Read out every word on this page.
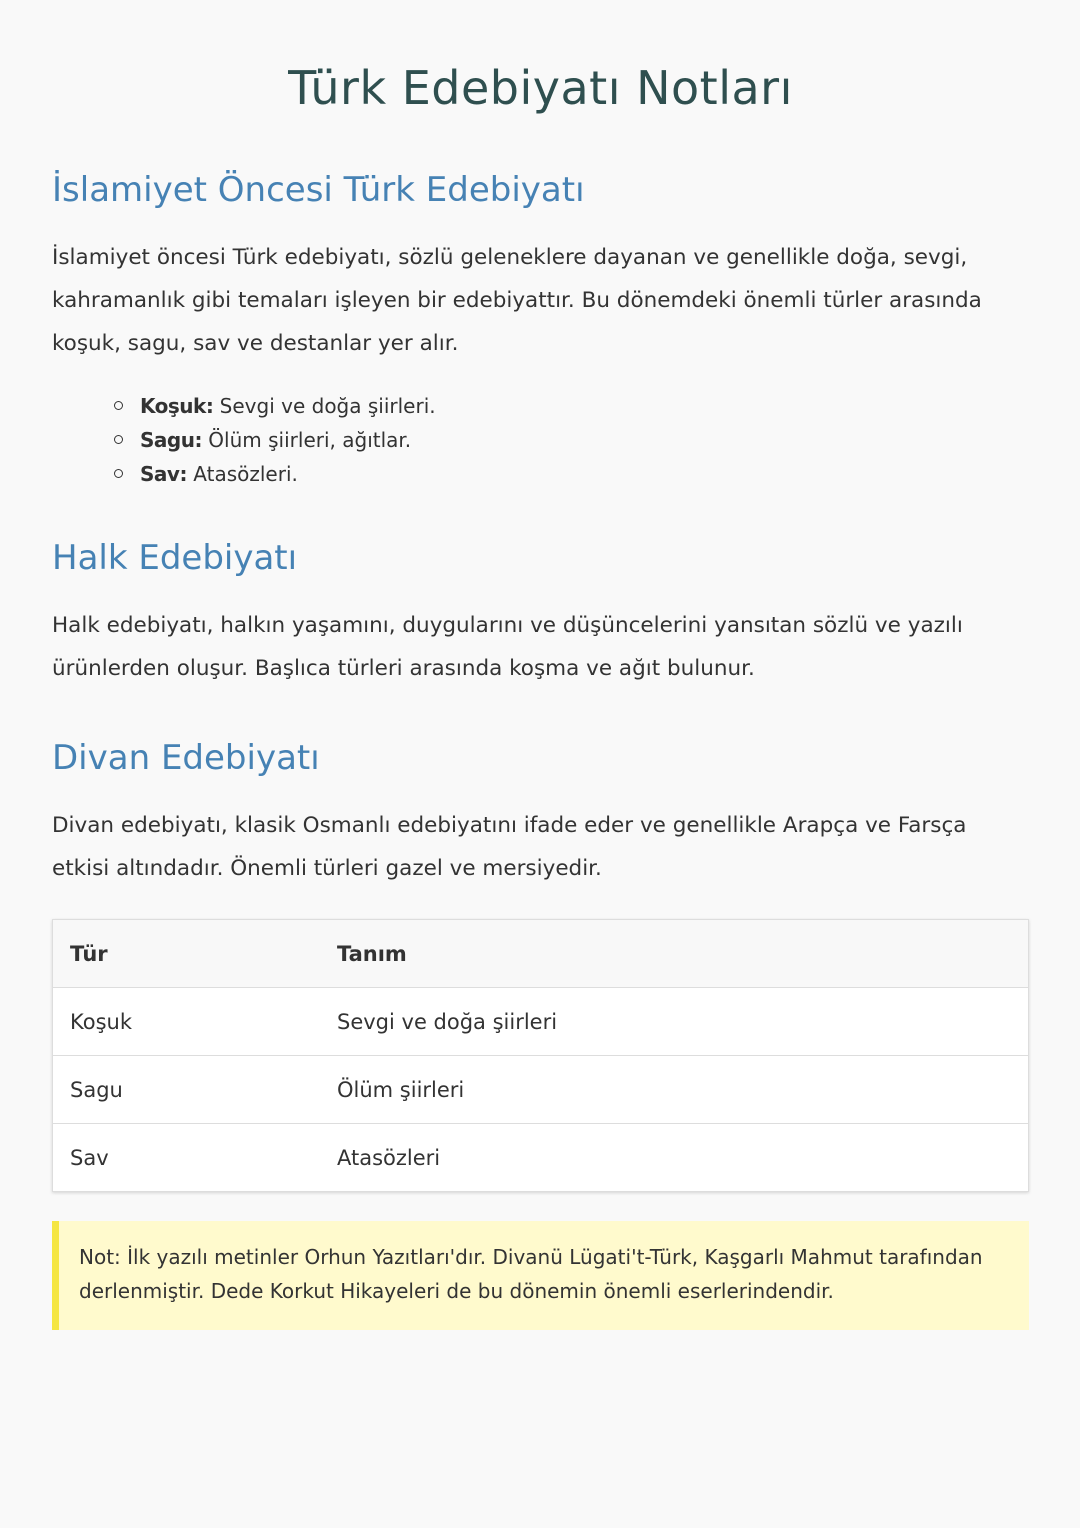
Türk Edebiyatı Notları
İslamiyet Öncesi Türk Edebiyatı

İslamiyet öncesi Türk edebiyatı, sözlü geleneklere dayanan ve genellikle doğa, sevgi, kahramanlık gibi temaları işleyen bir edebiyattır. Bu dönemdeki önemli türler arasında koşuk, sagu, sav ve destanlar yer alır.

Koşuk: Sevgi ve doğa şiirleri.
Sagu: Ölüm şiirleri, ağıtlar.
Sav: Atasözleri.
Halk Edebiyatı

Halk edebiyatı, halkın yaşamını, duygularını ve düşüncelerini yansıtan sözlü ve yazılı ürünlerden oluşur. Başlıca türleri arasında koşma ve ağıt bulunur.

Divan Edebiyatı

Divan edebiyatı, klasik Osmanlı edebiyatını ifade eder ve genellikle Arapça ve Farsça etkisi altındadır. Önemli türleri gazel ve mersiyedir.

Tür	Tanım
Koşuk	Sevgi ve doğa şiirleri
Sagu	Ölüm şiirleri
Sav	Atasözleri
Not: İlk yazılı metinler Orhun Yazıtları'dır. Divanü Lügati't-Türk, Kaşgarlı Mahmut tarafından derlenmiştir. Dede Korkut Hikayeleri de bu dönemin önemli eserlerindendir.
